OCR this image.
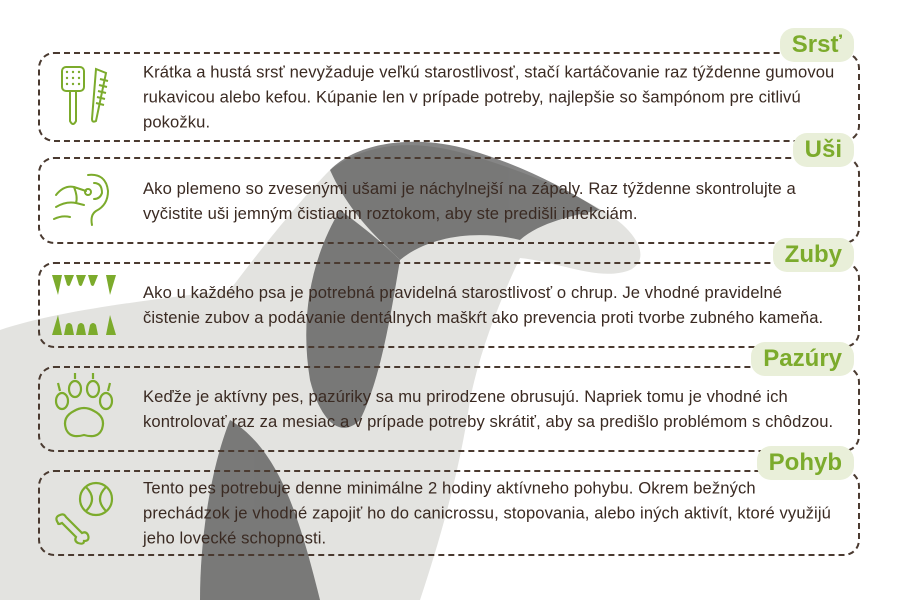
Srsť
Krátka a hustá srsť nevyžaduje veľkú starostlivosť, stačí kartáčovanie raz týždenne gumovou rukavicou alebo kefou. Kúpanie len v prípade potreby, najlepšie so šampónom pre citlivú pokožku.
Uši
Ako plemeno so zvesenými ušami je náchylnejší na zápaly. Raz týždenne skontrolujte a vyčistite uši jemným čistiacim roztokom, aby ste predišli infekciám.
Zuby
Ako u každého psa je potrebná pravidelná starostlivosť o chrup. Je vhodné pravidelné čistenie zubov a podávanie dentálnych maškŕt ako prevencia proti tvorbe zubného kameňa.
Pazúry
Keďže je aktívny pes, pazúriky sa mu prirodzene obrusujú. Napriek tomu je vhodné ich kontrolovať raz za mesiac a v prípade potreby skrátiť, aby sa predišlo problémom s chôdzou.
Pohyb
Tento pes potrebuje denne minimálne 2 hodiny aktívneho pohybu. Okrem bežných prechádzok je vhodné zapojiť ho do canicrossu, stopovania, alebo iných aktivít, ktoré využijú jeho lovecké schopnosti.
